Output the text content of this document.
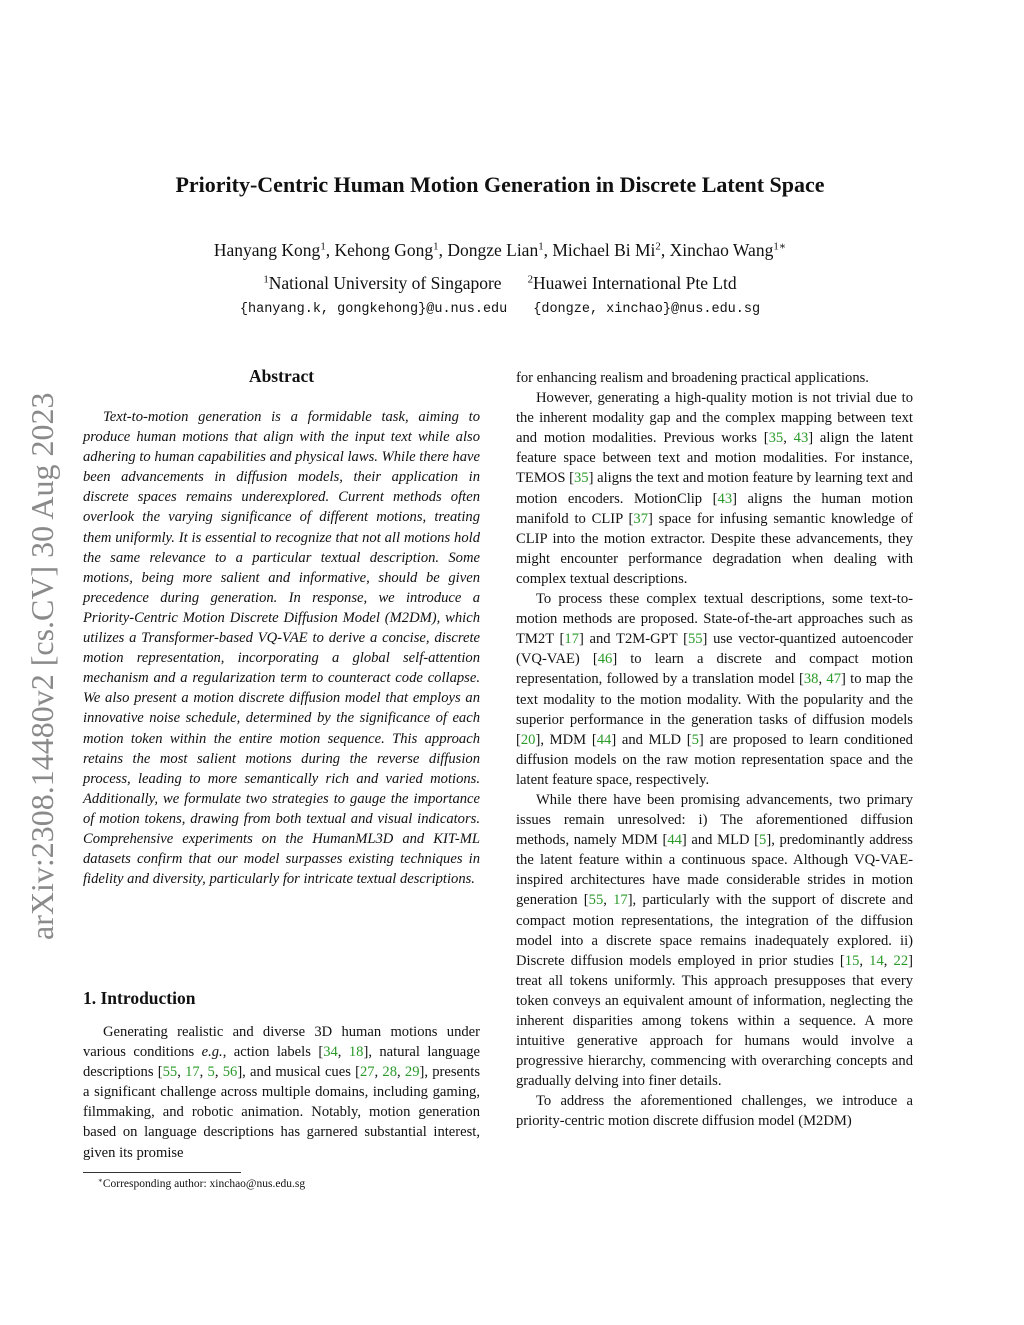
arXiv:2308.14480v2 [cs.CV] 30 Aug 2023
Priority-Centric Human Motion Generation in Discrete Latent Space
Hanyang Kong$^1$, Kehong Gong$^1$, Dongze Lian$^1$, Michael Bi Mi$^2$, Xinchao Wang$^{1∗}$
$^1$National University of Singapore $^2$Huawei International Pte Ltd
{hanyang.k, gongkehong}@u.nus.edu {dongze, xinchao}@nus.edu.sg
Abstract

Text-to-motion generation is a formidable task, aiming to produce human motions that align with the input text while also adhering to human capabilities and physical laws. While there have been advancements in diffusion models, their application in discrete spaces remains underexplored. Current methods often overlook the varying significance of different motions, treating them uniformly. It is essential to recognize that not all motions hold the same relevance to a particular textual description. Some motions, being more salient and informative, should be given precedence during generation. In response, we introduce a Priority-Centric Motion Discrete Diffusion Model (M2DM), which utilizes a Transformer-based VQ-VAE to derive a concise, discrete motion representation, incorporating a global self-attention mechanism and a regularization term to counteract code collapse. We also present a motion discrete diffusion model that employs an innovative noise schedule, determined by the significance of each motion token within the entire motion sequence. This approach retains the most salient motions during the reverse diffusion process, leading to more semantically rich and varied motions. Additionally, we formulate two strategies to gauge the importance of motion tokens, drawing from both textual and visual indicators. Comprehensive experiments on the HumanML3D and KIT-ML datasets confirm that our model surpasses existing techniques in fidelity and diversity, particularly for intricate textual descriptions.

1. Introduction

Generating realistic and diverse 3D human motions under various conditions e.g., action labels [34, 18], natural language descriptions [55, 17, 5, 56], and musical cues [27, 28, 29], presents a significant challenge across multiple domains, including gaming, filmmaking, and robotic animation. Notably, motion generation based on language descriptions has garnered substantial interest, given its promise

∗Corresponding author: xinchao@nus.edu.sg

for enhancing realism and broadening practical applications.

However, generating a high-quality motion is not trivial due to the inherent modality gap and the complex mapping between text and motion modalities. Previous works [35, 43] align the latent feature space between text and motion modalities. For instance, TEMOS [35] aligns the text and motion feature by learning text and motion encoders. MotionClip [43] aligns the human motion manifold to CLIP [37] space for infusing semantic knowledge of CLIP into the motion extractor. Despite these advancements, they might encounter performance degradation when dealing with complex textual descriptions.

To process these complex textual descriptions, some text-to-motion methods are proposed. State-of-the-art approaches such as TM2T [17] and T2M-GPT [55] use vector-quantized autoencoder (VQ-VAE) [46] to learn a discrete and compact motion representation, followed by a translation model [38, 47] to map the text modality to the motion modality. With the popularity and the superior performance in the generation tasks of diffusion models [20], MDM [44] and MLD [5] are proposed to learn conditioned diffusion models on the raw motion representation space and the latent feature space, respectively.

While there have been promising advancements, two primary issues remain unresolved: i) The aforementioned diffusion methods, namely MDM [44] and MLD [5], predominantly address the latent feature within a continuous space. Although VQ-VAE-inspired architectures have made considerable strides in motion generation [55, 17], particularly with the support of discrete and compact motion representations, the integration of the diffusion model into a discrete space remains inadequately explored. ii) Discrete diffusion models employed in prior studies [15, 14, 22] treat all tokens uniformly. This approach presupposes that every token conveys an equivalent amount of information, neglecting the inherent disparities among tokens within a sequence. A more intuitive generative approach for humans would involve a progressive hierarchy, commencing with overarching concepts and gradually delving into finer details.

To address the aforementioned challenges, we introduce a priority-centric motion discrete diffusion model (M2DM)
